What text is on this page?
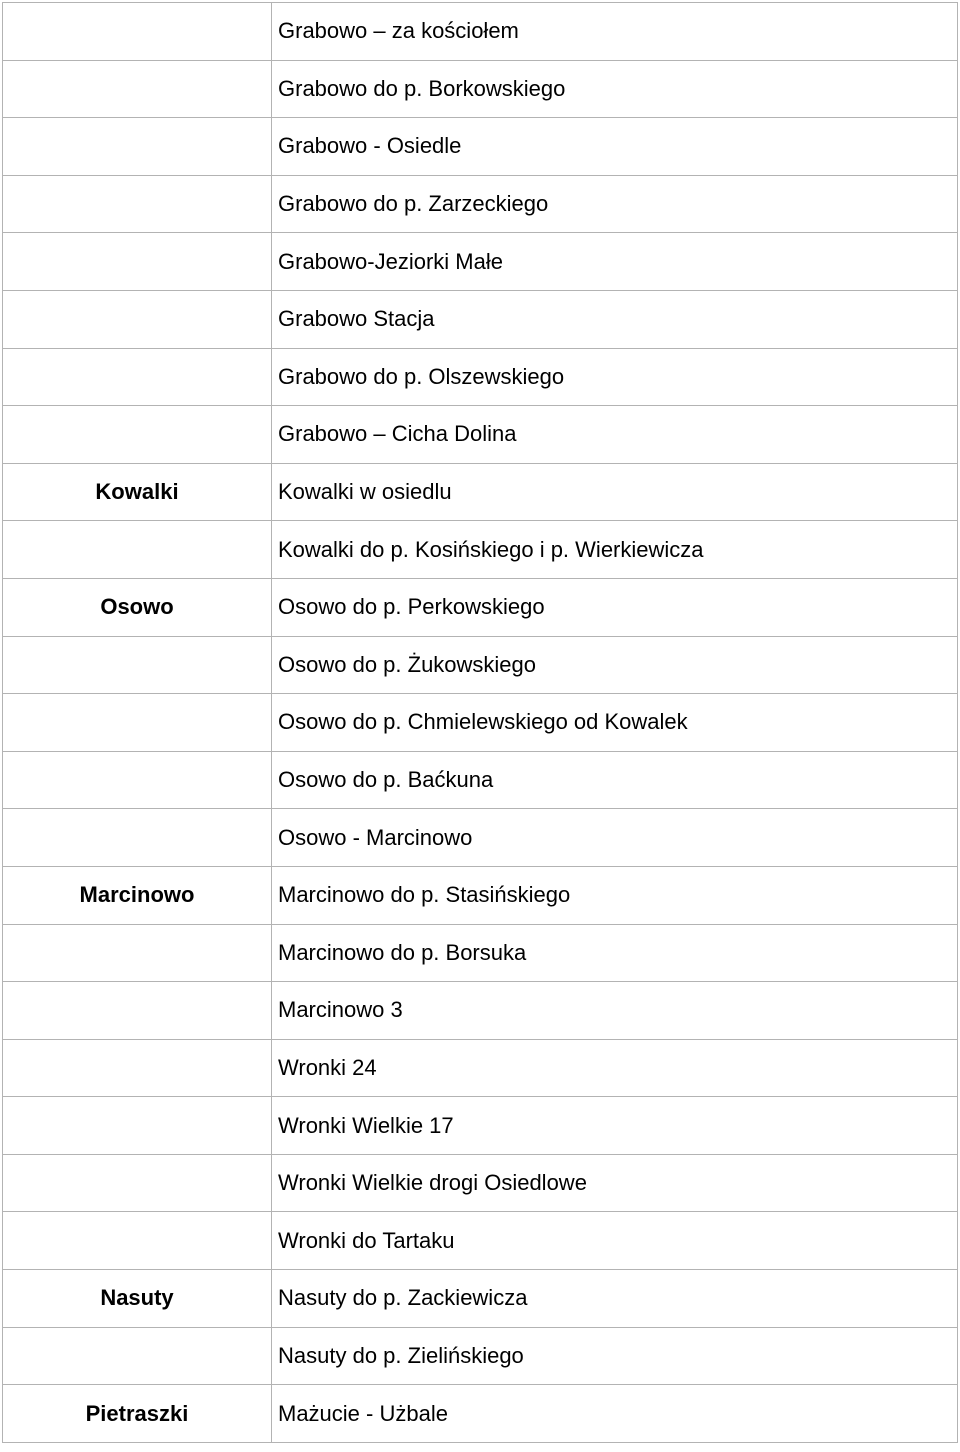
	Grabowo – za kościołem
	Grabowo do p. Borkowskiego
	Grabowo - Osiedle
	Grabowo do p. Zarzeckiego
	Grabowo-Jeziorki Małe
	Grabowo Stacja
	Grabowo do p. Olszewskiego
	Grabowo – Cicha Dolina
Kowalki	Kowalki w osiedlu
	Kowalki do p. Kosińskiego i p. Wierkiewicza
Osowo	Osowo do p. Perkowskiego
	Osowo do p. Żukowskiego
	Osowo do p. Chmielewskiego od Kowalek
	Osowo do p. Baćkuna
	Osowo - Marcinowo
Marcinowo	Marcinowo do p. Stasińskiego
	Marcinowo do p. Borsuka
	Marcinowo 3
	Wronki 24
	Wronki Wielkie 17
	Wronki Wielkie drogi Osiedlowe
	Wronki do Tartaku
Nasuty	Nasuty do p. Zackiewicza
	Nasuty do p. Zielińskiego
Pietraszki	Mażucie - Użbale
